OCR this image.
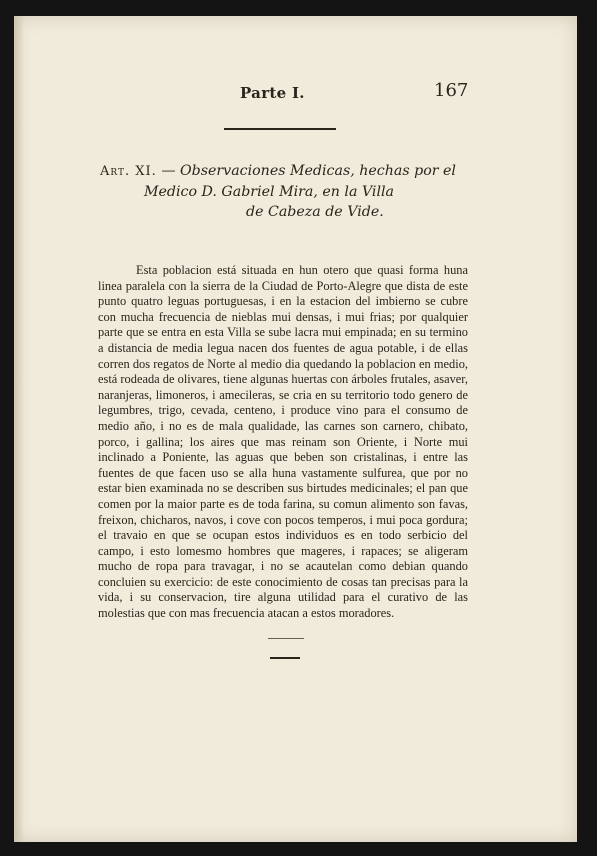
Parte I.	167
Art. XI. — Observaciones Medicas, hechas por el
Medico D. Gabriel Mira, en la Villa
de Cabeza de Vide.
Esta poblacion está situada en hun otero que quasi forma huna linea paralela con la sierra de la Ciudad de Porto-Alegre que dista de este punto quatro leguas portuguesas, i en la estacion del imbierno se cubre con mucha frecuencia de nieblas mui densas, i mui frias; por qualquier parte que se entra en esta Villa se sube lacra mui empinada; en su termino a distancia de media legua nacen dos fuentes de agua potable, i de ellas corren dos regatos de Norte al medio dia quedando la poblacion en medio, está rodeada de olivares, tiene algunas huertas con árboles frutales, asaver, naranjeras, limoneros, i amecileras, se cria en su territorio todo genero de legumbres, trigo, cevada, centeno, i produce vino para el consumo de medio año, i no es de mala qualidade, las carnes son carnero, chibato, porco, i gallina; los aires que mas reinam son Oriente, i Norte mui inclinado a Poniente, las aguas que beben son cristalinas, i entre las fuentes de que facen uso se alla huna vastamente sulfurea, que por no estar bien examinada no se describen sus birtudes medicinales; el pan que comen por la maior parte es de toda farina, su comun alimento son favas, freixon, chicharos, navos, i cove con pocos temperos, i mui poca gordura; el travaio en que se ocupan estos individuos es en todo serbicio del campo, i esto lomesmo hombres que mageres, i rapaces; se aligeram mucho de ropa para travagar, i no se acautelan como debian quando concluien su exercicio: de este conocimiento de cosas tan precisas para la vida, i su conservacion, tire alguna utilidad para el curativo de las molestias que con mas frecuencia atacan a estos moradores.
